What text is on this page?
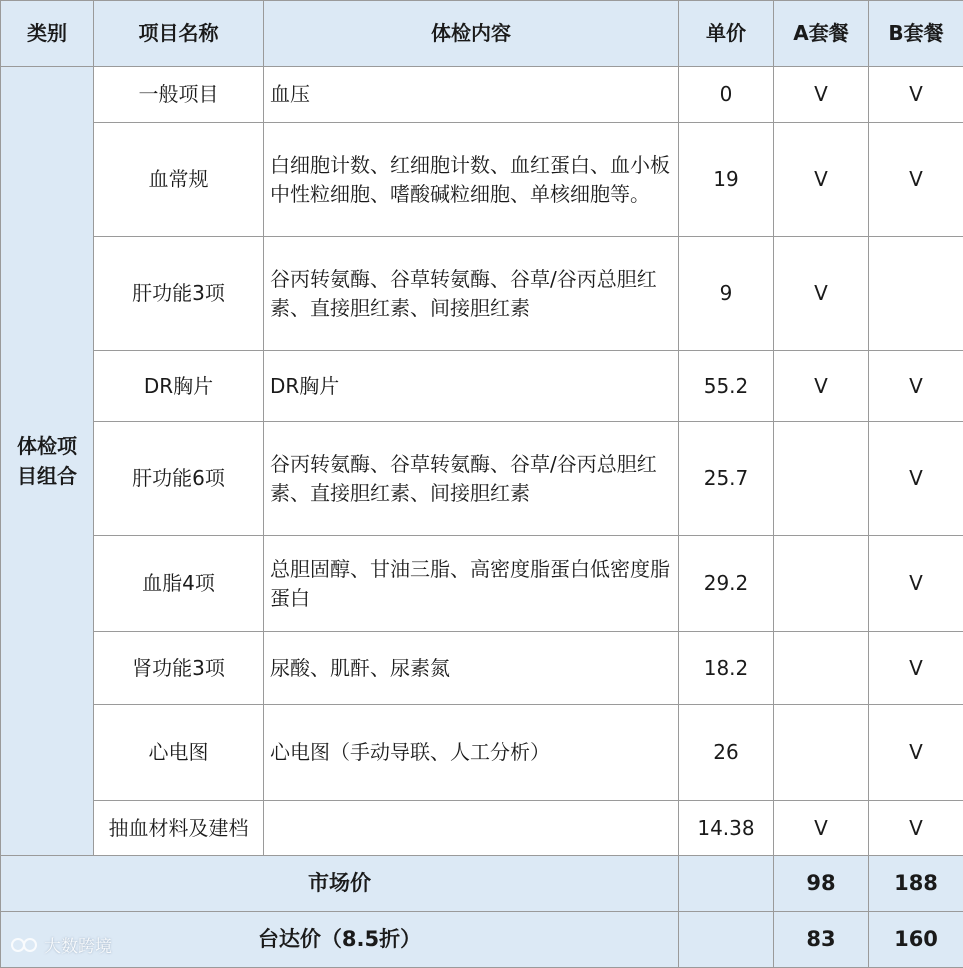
类别	项目名称	体检内容	单价	A套餐	B套餐

体检项目组合	一般项目	血压	0	V	V
	血常规	白细胞计数、红细胞计数、血红蛋白、血小板中性粒细胞、嗜酸碱粒细胞、单核细胞等。	19	V	V
	肝功能3项	谷丙转氨酶、谷草转氨酶、谷草/谷丙总胆红素、直接胆红素、间接胆红素	9	V	
	DR胸片	DR胸片	55.2	V	V
	肝功能6项	谷丙转氨酶、谷草转氨酶、谷草/谷丙总胆红素、直接胆红素、间接胆红素	25.7		V
	血脂4项	总胆固醇、甘油三脂、高密度脂蛋白低密度脂蛋白	29.2		V
	肾功能3项	尿酸、肌酐、尿素氮	18.2		V
	心电图	心电图（手动导联、人工分析）	26		V
	抽血材料及建档		14.38	V	V
市场价				98	188
台达价（8.5折）				83	160
大数跨境
